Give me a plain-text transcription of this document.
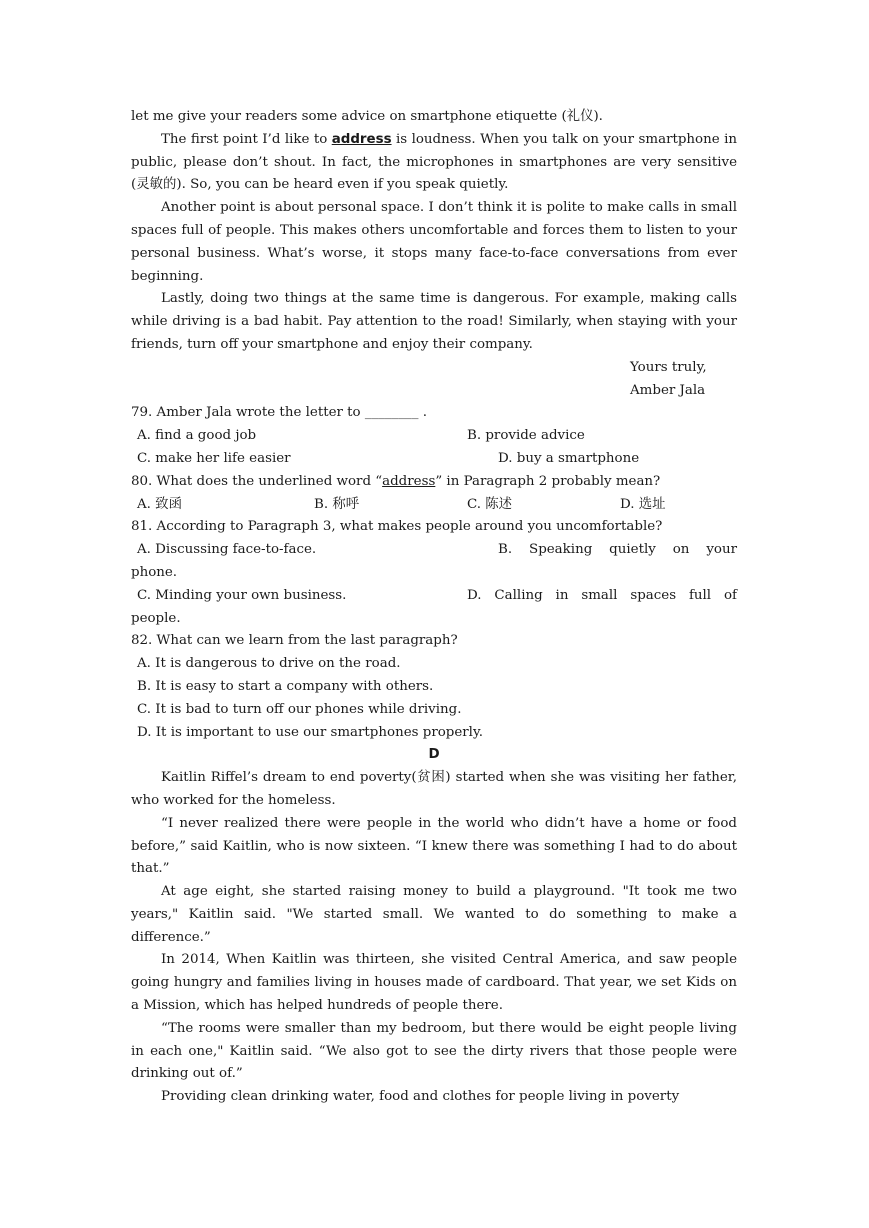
let me give your readers some advice on smartphone etiquette (礼仪).

The first point I’d like to address is loudness. When you talk on your smartphone in public, please don’t shout. In fact, the microphones in smartphones are very sensitive (灵敏的). So, you can be heard even if you speak quietly.

Another point is about personal space. I don’t think it is polite to make calls in small spaces full of people. This makes others uncomfortable and forces them to listen to your personal business. What’s worse, it stops many face-to-face conversations from ever beginning.

Lastly, doing two things at the same time is dangerous. For example, making calls while driving is a bad habit. Pay attention to the road! Similarly, when staying with your friends, turn off your smartphone and enjoy their company.

Yours truly,

Amber Jala

79. Amber Jala wrote the letter to ________ .
A. find a good job	B. provide advice
C. make her life easier	D. buy a smartphone
80. What does the underlined word “address” in Paragraph 2 probably mean?
A. 致函	B. 称呼	C. 陈述	D. 选址
81. According to Paragraph 3, what makes people around you uncomfortable?
A. Discussing face-to-face.	B. Speaking quietly on your
phone.
C. Minding your own business.	D. Calling in small spaces full of
people.
82. What can we learn from the last paragraph?
A. It is dangerous to drive on the road.
B. It is easy to start a company with others.
C. It is bad to turn off our phones while driving.
D. It is important to use our smartphones properly.
D

Kaitlin Riffel’s dream to end poverty(贫困) started when she was visiting her father, who worked for the homeless.

“I never realized there were people in the world who didn’t have a home or food before,” said Kaitlin, who is now sixteen. “I knew there was something I had to do about that.”

At age eight, she started raising money to build a playground. "It took me two years," Kaitlin said. "We started small. We wanted to do something to make a difference.”

In 2014, When Kaitlin was thirteen, she visited Central America, and saw people going hungry and families living in houses made of cardboard. That year, we set Kids on a Mission, which has helped hundreds of people there.

“The rooms were smaller than my bedroom, but there would be eight people living in each one," Kaitlin said. “We also got to see the dirty rivers that those people were drinking out of.”

Providing clean drinking water, food and clothes for people living in poverty
